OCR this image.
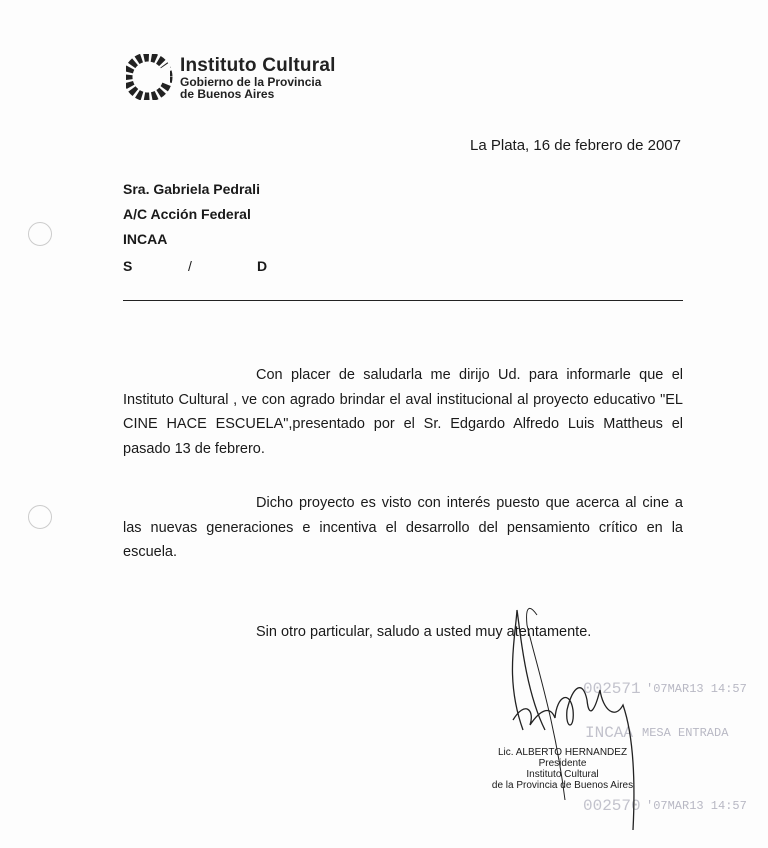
Instituto Cultural
Gobierno de la Provincia
de Buenos Aires
La Plata, 16 de febrero de 2007
Sra. Gabriela Pedrali
A/C Acción Federal
INCAA
S	/	D
Con placer de saludarla me dirijo Ud. para informarle que el Instituto Cultural , ve con agrado brindar el aval institucional al proyecto educativo "EL CINE HACE ESCUELA",presentado por el Sr. Edgardo Alfredo Luis Mattheus el pasado 13 de febrero.
Dicho proyecto es visto con interés puesto que acerca al cine a las nuevas generaciones e incentiva el desarrollo del pensamiento crítico en la escuela.
Sin otro particular, saludo a usted muy atentamente.
002571 '07MAR13 14:57
INCAA MESA ENTRADA
002570 '07MAR13 14:57
Lic. ALBERTO HERNANDEZ
Presidente
Instituto Cultural
de la Provincia de Buenos Aires
